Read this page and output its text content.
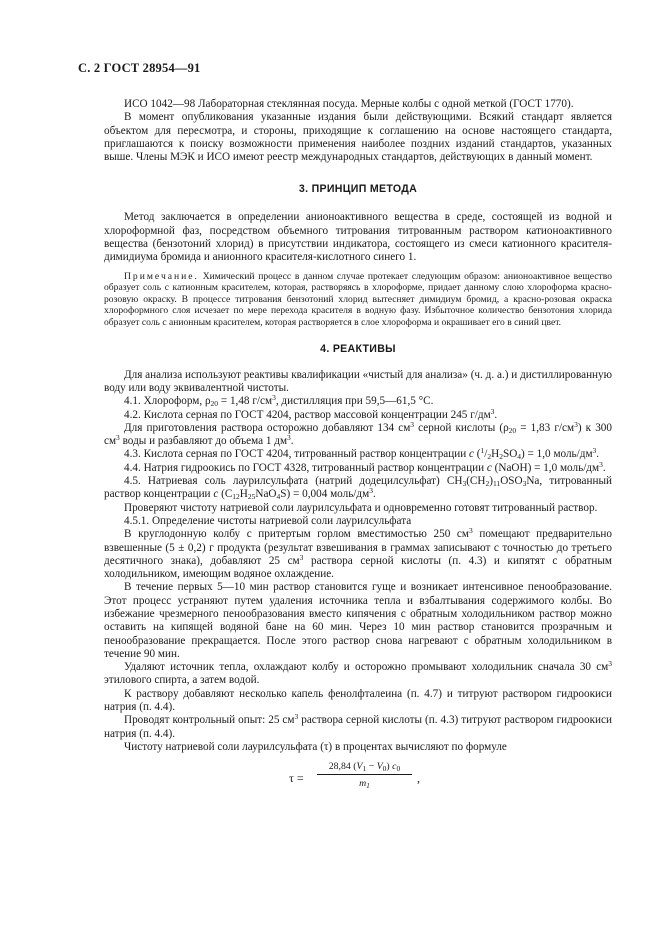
С. 2 ГОСТ 28954—91

ИСО 1042—98 Лабораторная стеклянная посуда. Мерные колбы с одной меткой (ГОСТ 1770).

В момент опубликования указанные издания были действующими. Всякий стандарт является объектом для пересмотра, и стороны, приходящие к соглашению на основе настоящего стандарта, приглашаются к поиску возможности применения наиболее поздних изданий стандартов, указанных выше. Члены МЭК и ИСО имеют реестр международных стандартов, действующих в данный момент.

3. ПРИНЦИП МЕТОДА

Метод заключается в определении анионоактивного вещества в среде, состоящей из водной и хлороформной фаз, посредством объемного титрования титрованным раствором катионоактивного вещества (бензотоний хлорид) в присутствии индикатора, состоящего из смеси катионного красителя-димидиума бромида и анионного красителя-кислотного синего 1.

Примечание. Химический процесс в данном случае протекает следующим образом: анионоактивное вещество образует соль с катионным красителем, которая, растворяясь в хлороформе, придает данному слою хлороформа красно-розовую окраску. В процессе титрования бензотоний хлорид вытесняет димидиум бромид, а красно-розовая окраска хлороформного слоя исчезает по мере перехода красителя в водную фазу. Избыточное количество бензотония хлорида образует соль с анионным красителем, которая растворяется в слое хлороформа и окрашивает его в синий цвет.

4. РЕАКТИВЫ

Для анализа используют реактивы квалификации «чистый для анализа» (ч. д. а.) и дистиллированную воду или воду эквивалентной чистоты.

4.1. Хлороформ, $\rho_{20} = 1,48$ $г/см^3$, дистилляция при 59,5—61,5 °С.

4.2. Кислота серная по ГОСТ 4204, раствор массовой концентрации 245 $г/дм^3$.

Для приготовления раствора осторожно добавляют 134 $см^3$ серной кислоты ($\rho_{20} = 1,83$ $г/см^3$) к 300 $см^3$ воды и разбавляют до объема 1 $дм^3$.

4.3. Кислота серная по ГОСТ 4204, титрованный раствор концентрации c $(^1/_2H_2SO_4) = 1,0$ моль/$дм^3$.

4.4. Натрия гидроокись по ГОСТ 4328, титрованный раствор концентрации c (NaOH) = 1,0 моль/$дм^3$.

4.5. Натриевая соль лаурилсульфата (натрий додецилсульфат) $CH_3(CH_2)_{11}OSO_3Na$, титрованный раствор концентрации c $(C_{12}H_{25}NaO_4S) = 0,004$ моль/$дм^3$.

Проверяют чистоту натриевой соли лаурилсульфата и одновременно готовят титрованный раствор.

4.5.1. Определение чистоты натриевой соли лаурилсульфата

В круглодонную колбу с притертым горлом вместимостью 250 $см^3$ помещают предварительно взвешенные (5 ± 0,2) г продукта (результат взвешивания в граммах записывают с точностью до третьего десятичного знака), добавляют 25 $см^3$ раствора серной кислоты (п. 4.3) и кипятят с обратным холодильником, имеющим водяное охлаждение.

В течение первых 5—10 мин раствор становится гуще и возникает интенсивное пенообразование. Этот процесс устраняют путем удаления источника тепла и взбалтывания содержимого колбы. Во избежание чрезмерного пенообразования вместо кипячения с обратным холодильником раствор можно оставить на кипящей водяной бане на 60 мин. Через 10 мин раствор становится прозрачным и пенообразование прекращается. После этого раствор снова нагревают с обратным холодильником в течение 90 мин.

Удаляют источник тепла, охлаждают колбу и осторожно промывают холодильник сначала 30 $см^3$ этилового спирта, а затем водой.

К раствору добавляют несколько капель фенолфталеина (п. 4.7) и титруют раствором гидроокиси натрия (п. 4.4).

Проводят контрольный опыт: 25 $см^3$ раствора серной кислоты (п. 4.3) титруют раствором гидроокиси натрия (п. 4.4).

Чистоту натриевой соли лаурилсульфата (τ) в процентах вычисляют по формуле

$\tau = \frac{28,84 (V_1 - V_0) c_0}{m_1}$ ,
